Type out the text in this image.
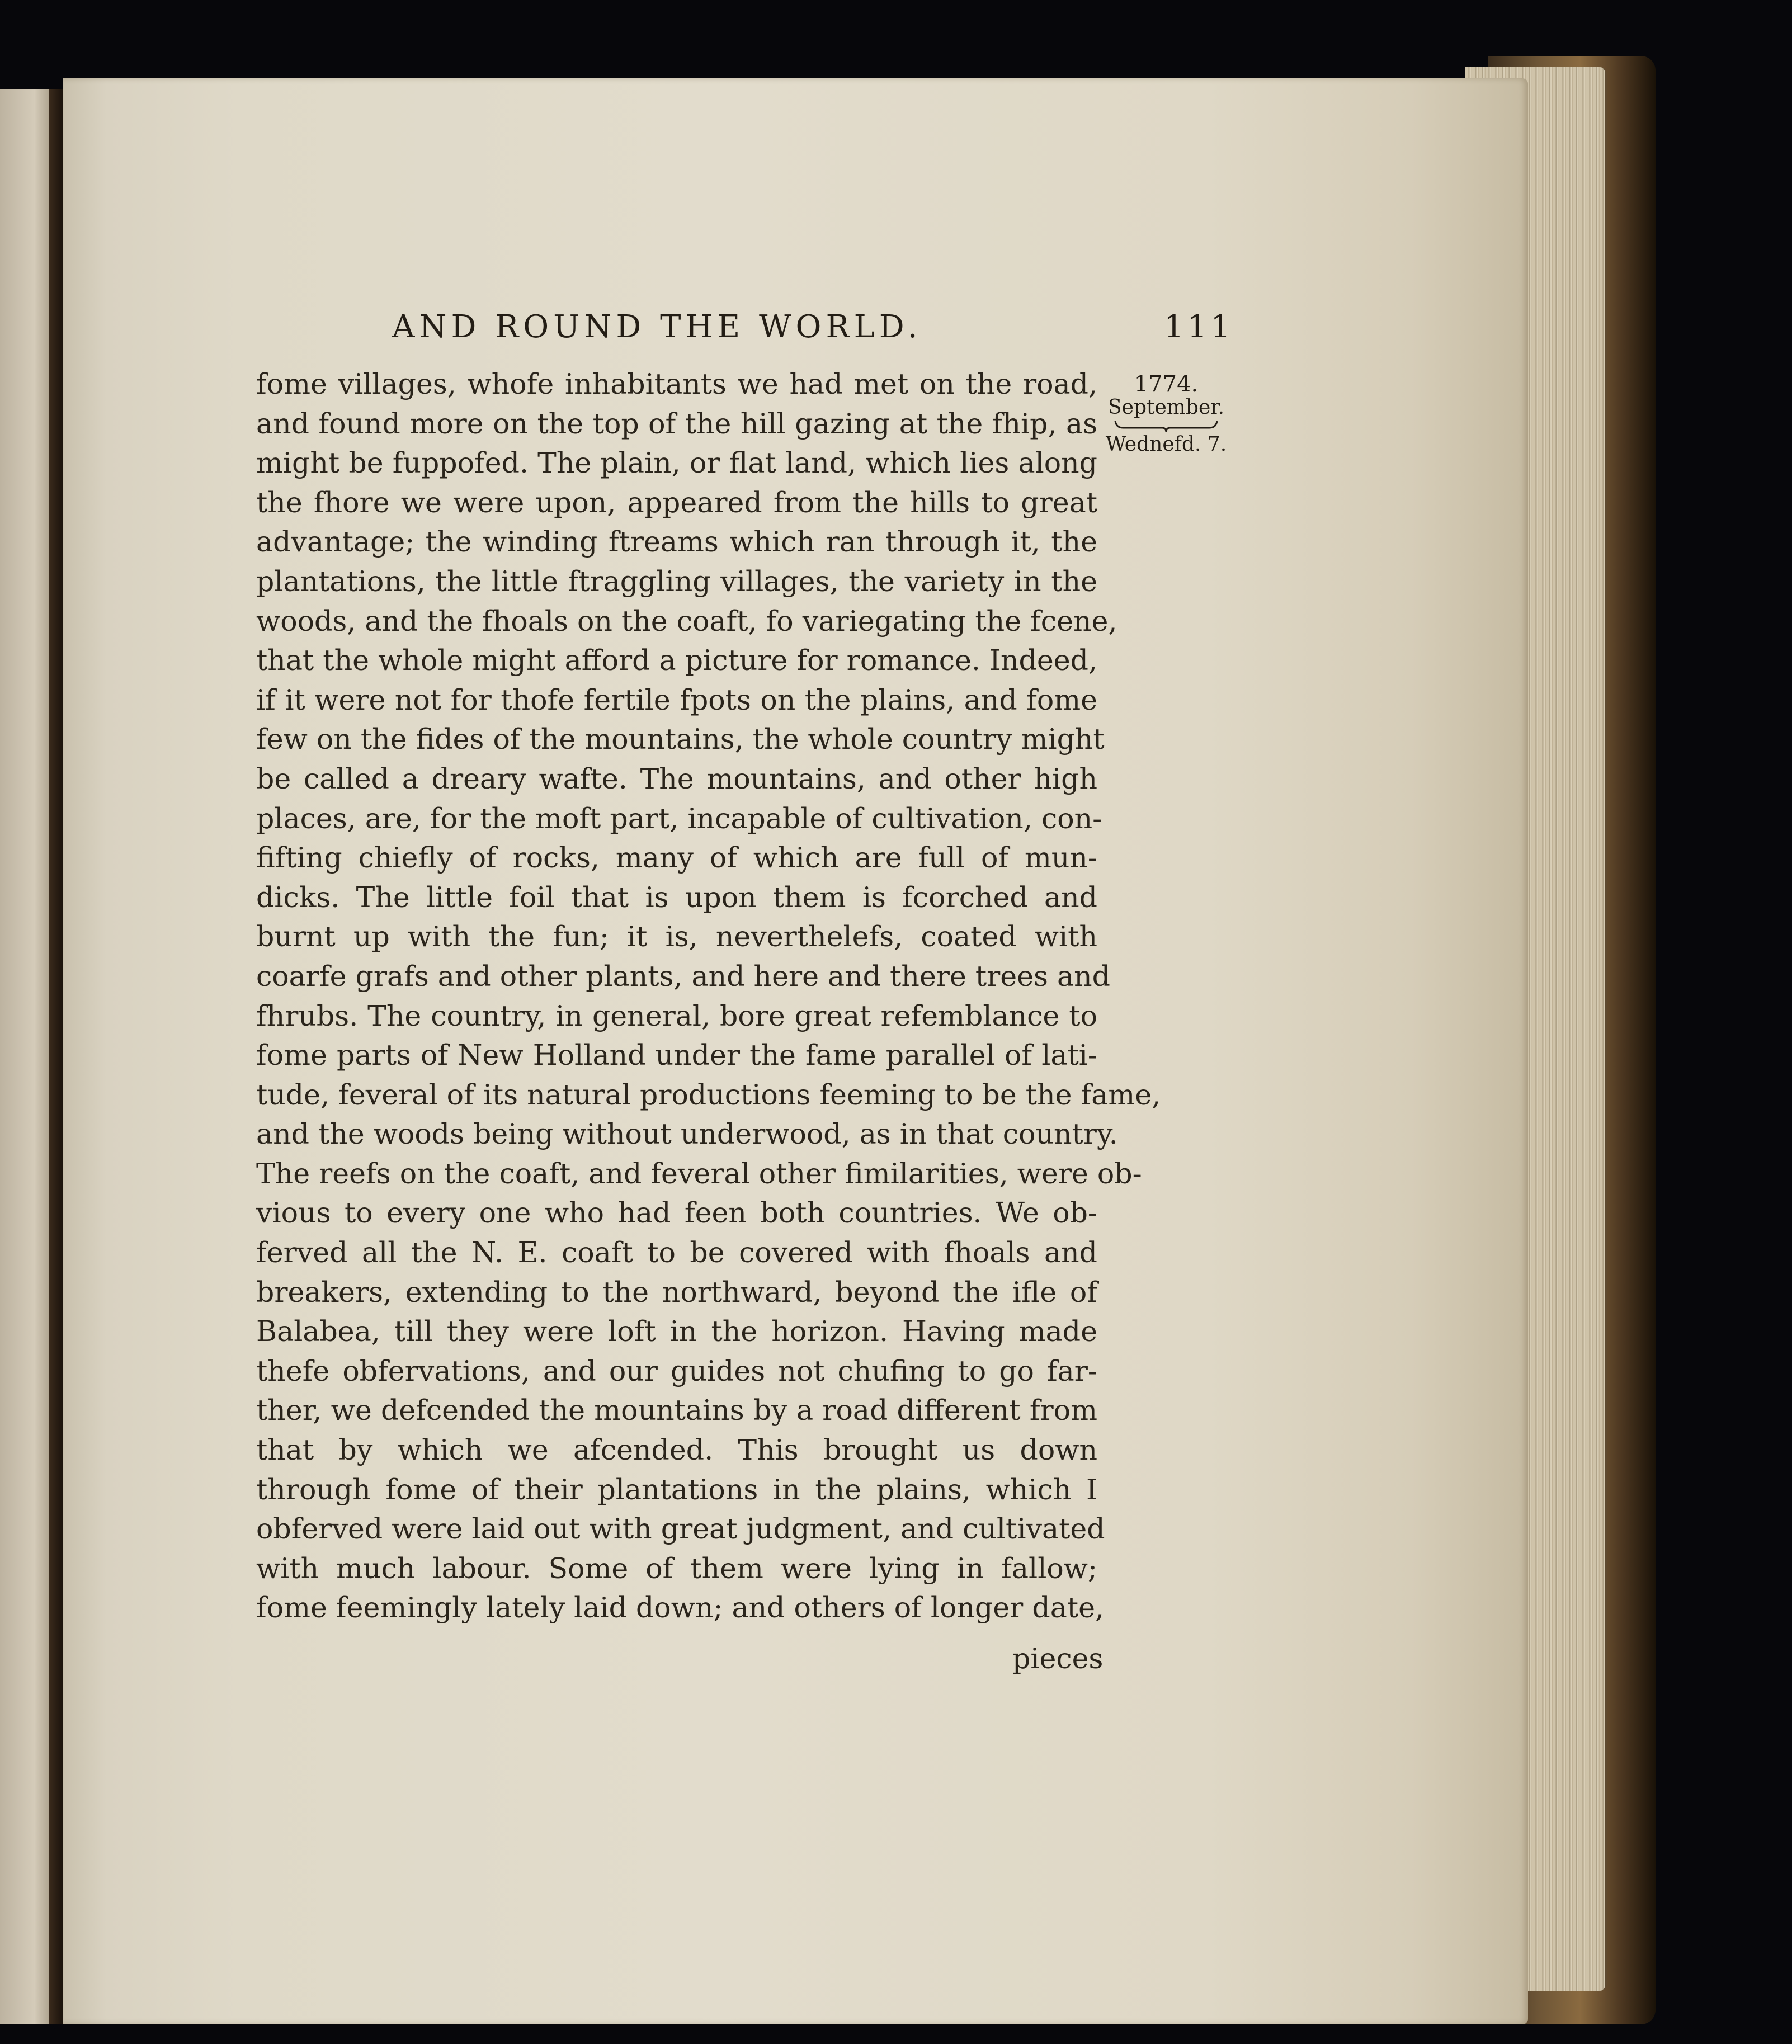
AND ROUND THE WORLD.	111
1774.
September.
Wednefd. 7.
fome villages, whofe inhabitants we had met on the road,
and found more on the top of the hill gazing at the fhip, as
might be fuppofed. The plain, or flat land, which lies along
the fhore we were upon, appeared from the hills to great
advantage; the winding ftreams which ran through it, the
plantations, the little ftraggling villages, the variety in the
woods, and the fhoals on the coaft, fo variegating the fcene,
that the whole might afford a picture for romance. Indeed,
if it were not for thofe fertile fpots on the plains, and fome
few on the fides of the mountains, the whole country might
be called a dreary wafte. The mountains, and other high
places, are, for the moft part, incapable of cultivation, con-
fifting chiefly of rocks, many of which are full of mun-
dicks. The little foil that is upon them is fcorched and
burnt up with the fun; it is, neverthelefs, coated with
coarfe grafs and other plants, and here and there trees and
fhrubs. The country, in general, bore great refemblance to
fome parts of New Holland under the fame parallel of lati-
tude, feveral of its natural productions feeming to be the fame,
and the woods being without underwood, as in that country.
The reefs on the coaft, and feveral other fimilarities, were ob-
vious to every one who had feen both countries. We ob-
ferved all the N. E. coaft to be covered with fhoals and
breakers, extending to the northward, beyond the ifle of
Balabea, till they were loft in the horizon. Having made
thefe obfervations, and our guides not chufing to go far-
ther, we defcended the mountains by a road different from
that by which we afcended. This brought us down
through fome of their plantations in the plains, which I
obferved were laid out with great judgment, and cultivated
with much labour. Some of them were lying in fallow;
fome feemingly lately laid down; and others of longer date,
pieces
